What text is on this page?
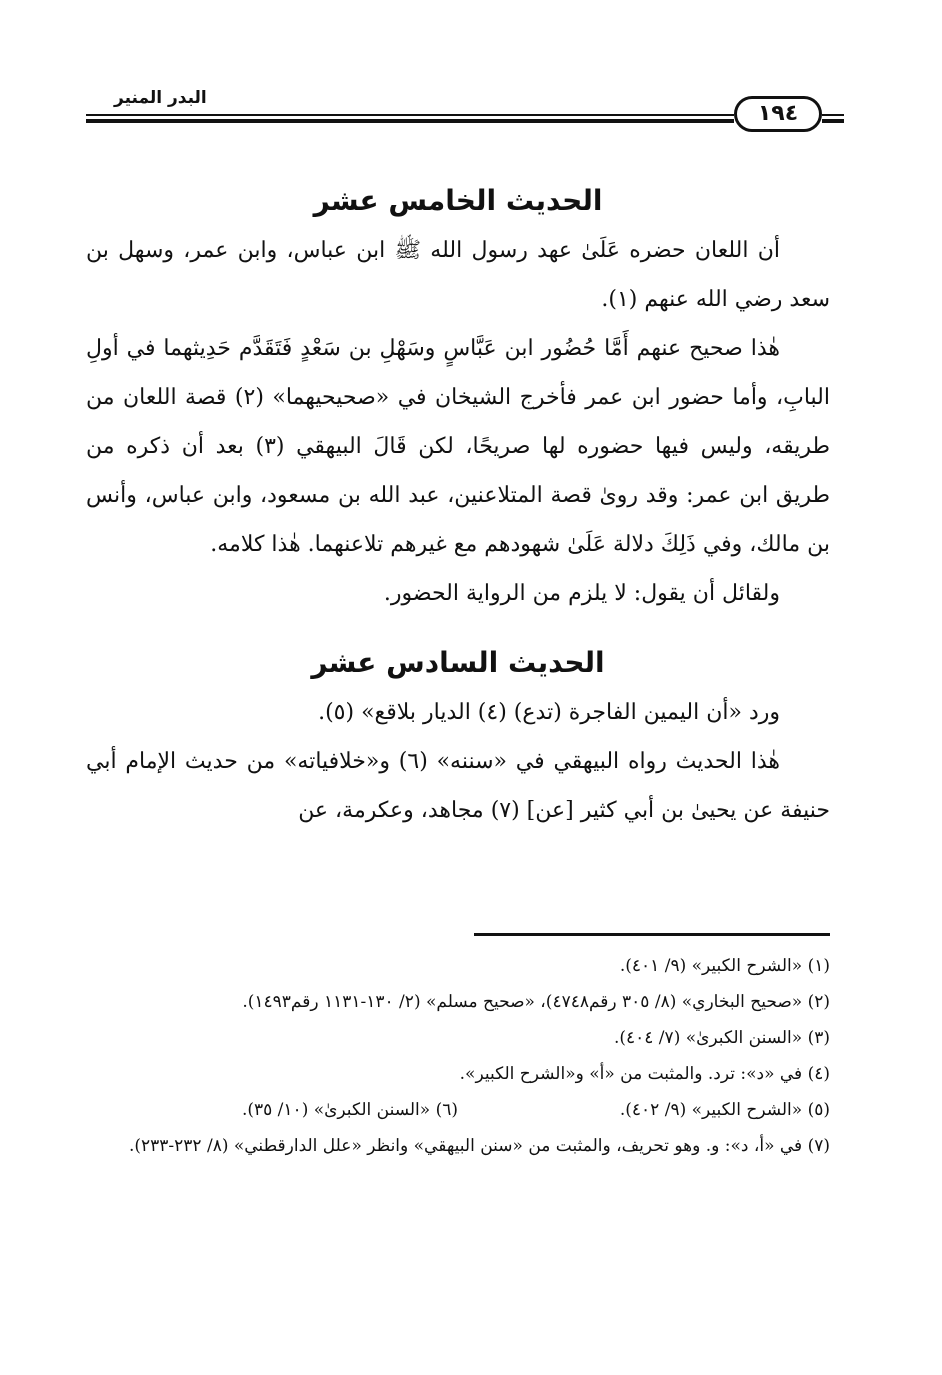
١٩٤
البدر المنير
الحديث الخامس عشر

أن اللعان حضره عَلَىٰ عهد رسول الله ﷺ ابن عباس، وابن عمر، وسهل بن سعد رضي الله عنهم (١).

هٰذا صحيح عنهم أَمَّا حُضُور ابن عَبَّاسٍ وسَهْلِ بن سَعْدٍ فَتَقَدَّم حَدِيثهما في أولِ البابِ، وأما حضور ابن عمر فأخرج الشيخان في «صحيحيهما» (٢) قصة اللعان من طريقه، وليس فيها حضوره لها صريحًا، لكن قَالَ البيهقي (٣) بعد أن ذكره من طريق ابن عمر: وقد روىٰ قصة المتلاعنين، عبد الله بن مسعود، وابن عباس، وأنس بن مالك، وفي ذَلِكَ دلالة عَلَىٰ شهودهم مع غيرهم تلاعنهما. هٰذا كلامه.

ولقائل أن يقول: لا يلزم من الرواية الحضور.

الحديث السادس عشر

ورد «أن اليمين الفاجرة (تدع) (٤) الديار بلاقع» (٥).

هٰذا الحديث رواه البيهقي في «سننه» (٦) و«خلافياته» من حديث الإمام أبي حنيفة عن يحيىٰ بن أبي كثير [عن] (٧) مجاهد، وعكرمة، عن

(١) «الشرح الكبير» (٩/ ٤٠١).

(٢) «صحيح البخاري» (٨/ ٣٠٥ رقم٤٧٤٨)، «صحيح مسلم» (٢/ ١٣٠-١١٣١ رقم١٤٩٣).

(٣) «السنن الكبرىٰ» (٧/ ٤٠٤).

(٤) في «د»: ترد. والمثبت من «أ» و«الشرح الكبير».

(٥) «الشرح الكبير» (٩/ ٤٠٢).

(٦) «السنن الكبرىٰ» (١٠/ ٣٥).

(٧) في «أ، د»: و. وهو تحريف، والمثبت من «سنن البيهقي» وانظر «علل الدارقطني» (٨/ ٢٣٢-٢٣٣).
